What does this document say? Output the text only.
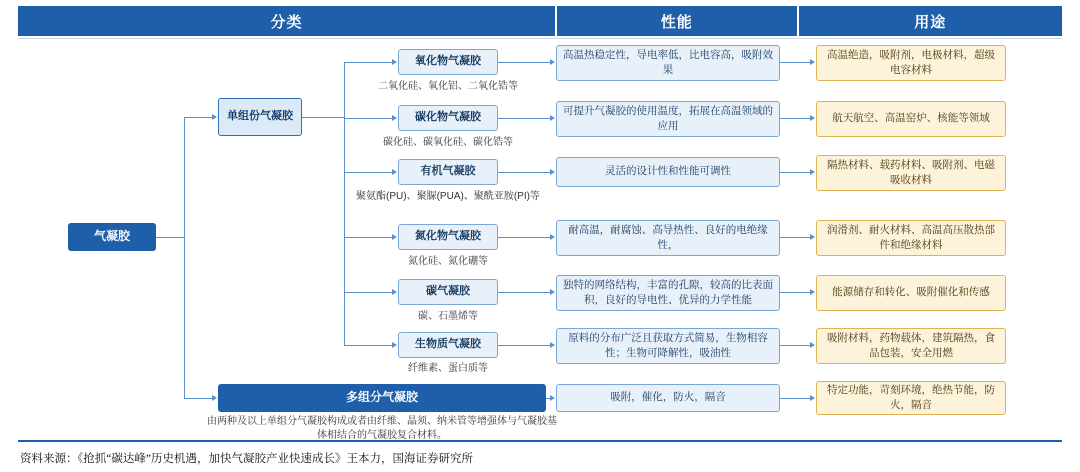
分类	性能	用途
气凝胶
单组份气凝胶
多组分气凝胶
由两种及以上单组分气凝胶构成或者由纤维、晶须、纳米管等增强体与气凝胶基体相结合的气凝胶复合材料。
氧化物气凝胶
二氧化硅、氧化铝、二氧化锆等
高温热稳定性，导电率低，比电容高，吸附效果
高温绝造，吸附剂，电极材料，超级电容材料
碳化物气凝胶
碳化硅、碳氧化硅、碳化锆等
可提升气凝胶的使用温度，拓展在高温领域的应用
航天航空、高温窑炉、核能等领域
有机气凝胶
聚氨酯(PU)、聚脲(PUA)、聚酰亚胺(PI)等
灵活的设计性和性能可调性
隔热材料、载药材料、吸附剂、电磁吸收材料
氮化物气凝胶
氮化硅、氮化硼等
耐高温，耐腐蚀、高导热性、良好的电绝缘性，
润滑剂、耐火材料、高温高压散热部件和绝缘材料
碳气凝胶
碳、石墨烯等
独特的网络结构，丰富的孔隙，较高的比表面积，良好的导电性、优异的力学性能
能源储存和转化、吸附催化和传感
生物质气凝胶
纤维素、蛋白质等
原料的分布广泛且获取方式简易，生物相容性；生物可降解性，吸油性
吸附材料，药物载体，建筑隔热，食品包装，安全用燃
吸附，催化，防火，隔音
特定功能，苛刻环境，绝热节能，防火，隔音
资料来源：《抢抓“碳达峰”历史机遇，加快气凝胶产业快速成长》王本力，国海证券研究所
